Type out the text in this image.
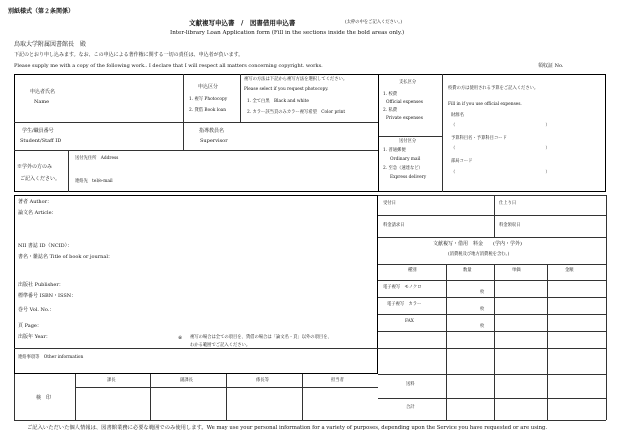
別紙様式（第２条関係）
文献複写申込書　/　図書借用申込書	(太枠の中をご記入ください。)
Inter-library Loan Application form (Fill in the sections inside the bold areas only.)
鳥取大学附属図書館長　殿
下記のとおり申し込みます。なお、この申込による著作権に関する一切の責任は、申込者が負います。
Please supply me with a copy of the following work.. I declare that I will respect all matters concerning copyright. works.	領収証 No.
申込者氏名
Name
申込区分
1. 複写 Photocopy
2. 貸借 Book loan
複写の方法は下記から複写方法を選択してください。
Please select if you request photocopy.
1. 全て白黒　Black and white
2. カラー該当頁のみカラー複写希望　Color print
支払区分
1. 校費
Official expenses
2. 私費
Private expenses
校費の方は使用される予算をご記入ください。
Fill in if you use official expenses.
財源名
（　　　　　　　　　　　　　　　　　　　　　）
予算科目名・予算科目コード
（　　　　　　　　　　　　　　　　　　　　　）
部局コード
（　　　　　　　　　　　　　　　　　　　　　）
学生/職員番号
Student/Staff ID
指導教員名
Supervisor	送付区分
1. 普通郵便
Ordinary mail
2. 至急（速達など）
Express delivery
※学外の方のみ
ご記入ください。
送付先住所　Address
連絡先　tel/e-mail
著者 Author：
論文名 Article：
NII 書誌 ID（NCID）：
書名・雑誌名 Title of book or journal：
出版社 Publisher：
標準番号 ISBN・ISSN：
巻号 Vol. No.：
頁 Page：
出版年 Year：	※ 複写の場合は全ての項目を、貸借の場合は「論文名・頁」以外の項目を、
わかる範囲でご記入ください。
連絡事項等　Other information
受付日	仕上り日
料金請求日	料金領収日
文献複写・借用　料金　　(学内・学外)
(消費税及び地方消費税を含む。)
種別	数量	単価	金額
電子複写　モノクロ
枚
電子複写　カラー
枚
FAX
枚
送料
合計
検　印
課長	副課長	係長等	担当者
ご記入いただいた個人情報は、図書館業務に必要な範囲でのみ使用します。We may use your personal information for a variety of purposes, depending upon the Service you have requested or are using.
